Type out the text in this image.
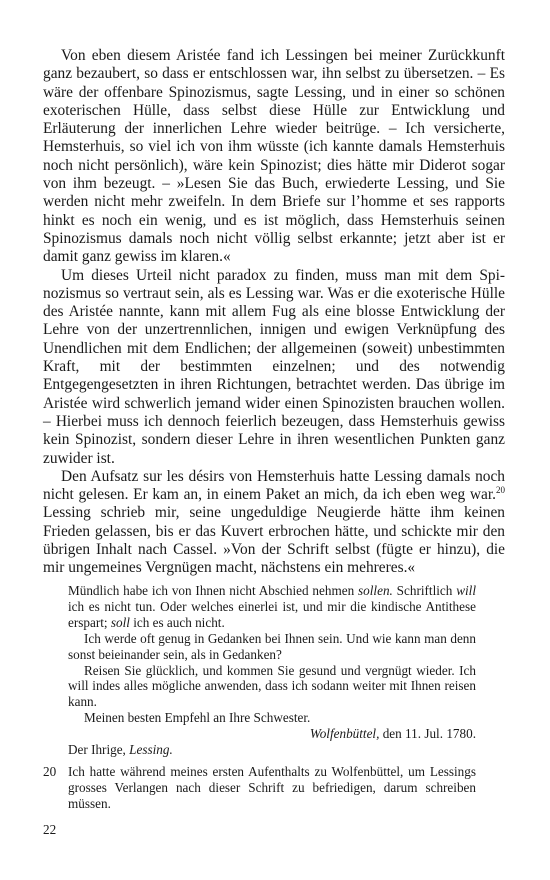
Von eben diesem Aristée fand ich Lessingen bei meiner Zurückkunft ganz bezaubert, so dass er entschlossen war, ihn selbst zu übersetzen. – Es wäre der offenbare Spinozismus, sagte Lessing, und in einer so schönen exoterischen Hülle, dass selbst diese Hülle zur Entwicklung und Erläuterung der innerlichen Lehre wieder beitrüge. – Ich versicherte, Hemsterhuis, so viel ich von ihm wüsste (ich kannte damals Hemsterhuis noch nicht persönlich), wäre kein Spinozist; dies hätte mir Diderot sogar von ihm bezeugt. – »Lesen Sie das Buch, erwiederte Lessing, und Sie werden nicht mehr zweifeln. In dem Briefe sur l’homme et ses rapports hinkt es noch ein wenig, und es ist möglich, dass Hemsterhuis seinen Spinozismus damals noch nicht völlig selbst erkannte; jetzt aber ist er damit ganz gewiss im klaren.«

Um dieses Urteil nicht paradox zu finden, muss man mit dem Spinozismus so vertraut sein, als es Lessing war. Was er die exoterische Hülle des Aristée nannte, kann mit allem Fug als eine blosse Entwicklung der Lehre von der unzertrennlichen, innigen und ewigen Verknüpfung des Unendlichen mit dem Endlichen; der allgemeinen (soweit) unbestimmten Kraft, mit der bestimmten einzelnen; und des notwendig Entgegengesetzten in ihren Richtungen, betrachtet werden. Das übrige im Aristée wird schwerlich jemand wider einen Spinozisten brauchen wollen. – Hierbei muss ich dennoch feierlich bezeugen, dass Hemsterhuis gewiss kein Spinozist, sondern dieser Lehre in ihren wesentlichen Punkten ganz zuwider ist.

Den Aufsatz sur les désirs von Hemsterhuis hatte Lessing damals noch nicht gelesen. Er kam an, in einem Paket an mich, da ich eben weg war.$^{20}$ Lessing schrieb mir, seine ungeduldige Neugierde hätte ihm keinen Frieden gelassen, bis er das Kuvert erbrochen hätte, und schickte mir den übrigen Inhalt nach Cassel. »Von der Schrift selbst (fügte er hinzu), die mir ungemeines Vergnügen macht, nächstens ein mehreres.«

Mündlich habe ich von Ihnen nicht Abschied nehmen sollen. Schriftlich will ich es nicht tun. Oder welches einerlei ist, und mir die kindische Antithese erspart; soll ich es auch nicht.

Ich werde oft genug in Gedanken bei Ihnen sein. Und wie kann man denn sonst beieinander sein, als in Gedanken?

Reisen Sie glücklich, und kommen Sie gesund und vergnügt wieder. Ich will indes alles mögliche anwenden, dass ich sodann weiter mit Ihnen reisen kann.

Meinen besten Empfehl an Ihre Schwester.

Wolfenbüttel, den 11. Jul. 1780.

Der Ihrige, Lessing.

20 Ich hatte während meines ersten Aufenthalts zu Wolfenbüttel, um Lessings grosses Verlangen nach dieser Schrift zu befriedigen, darum schreiben müssen.
22
